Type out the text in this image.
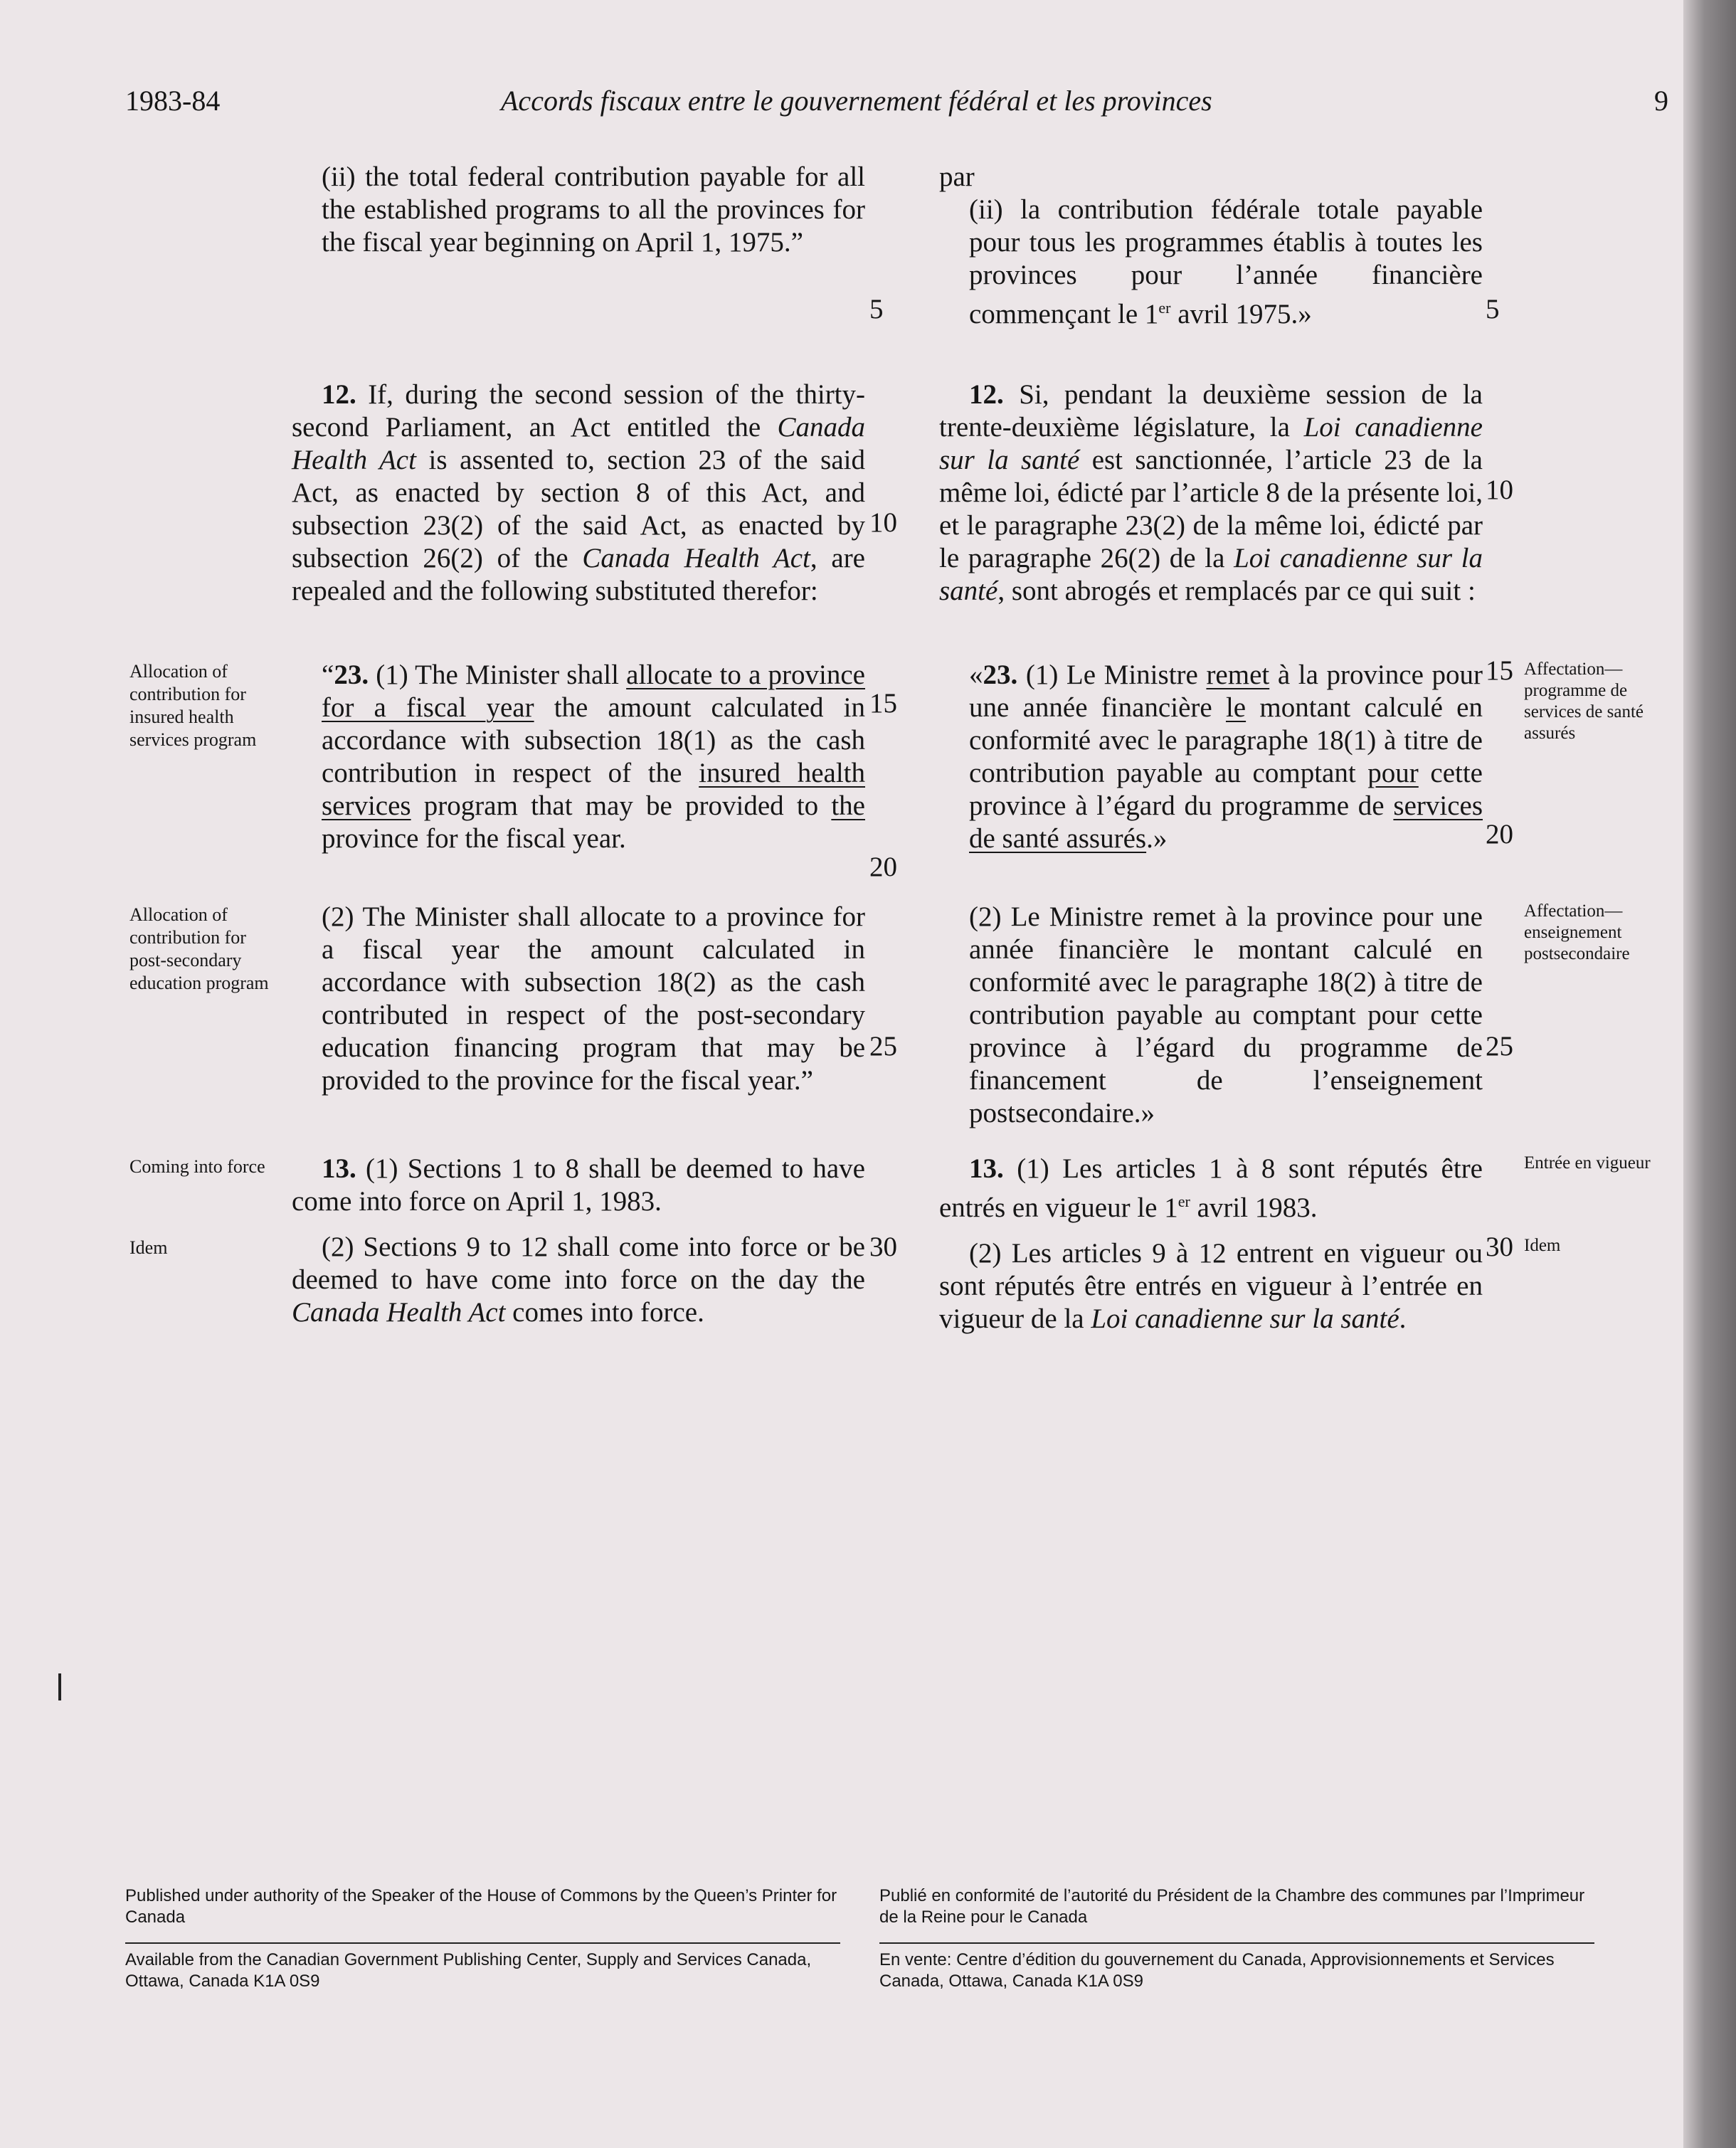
1983-84	Accords fiscaux entre le gouvernement fédéral et les provinces	9

(ii) the total federal contribution payable for all the established programs to all the provinces for the fiscal year beginning on April 1, 1975.”

12. If, during the second session of the thirty-second Parliament, an Act entitled the Canada Health Act is assented to, section 23 of the said Act, as enacted by section 8 of this Act, and subsection 23(2) of the said Act, as enacted by subsection 26(2) of the Canada Health Act, are repealed and the following substituted therefor:

“23. (1) The Minister shall allocate to a province for a fiscal year the amount calculated in accordance with subsection 18(1) as the cash contribution in respect of the insured health services program that may be provided to the province for the fiscal year.

(2) The Minister shall allocate to a province for a fiscal year the amount calculated in accordance with subsection 18(2) as the cash contributed in respect of the post-secondary education financing program that may be provided to the province for the fiscal year.”

13. (1) Sections 1 to 8 shall be deemed to have come into force on April 1, 1983.

(2) Sections 9 to 12 shall come into force or be deemed to have come into force on the day the Canada Health Act comes into force.

par

(ii) la contribution fédérale totale payable pour tous les programmes établis à toutes les provinces pour l’année financière commençant le 1er avril 1975.»

12. Si, pendant la deuxième session de la trente-deuxième législature, la Loi canadienne sur la santé est sanctionnée, l’article 23 de la même loi, édicté par l’article 8 de la présente loi, et le paragraphe 23(2) de la même loi, édicté par le paragraphe 26(2) de la Loi canadienne sur la santé, sont abrogés et remplacés par ce qui suit :

«23. (1) Le Ministre remet à la province pour une année financière le montant calculé en conformité avec le paragraphe 18(1) à titre de contribution payable au comptant pour cette province à l’égard du programme de services de santé assurés.»

(2) Le Ministre remet à la province pour une année financière le montant calculé en conformité avec le paragraphe 18(2) à titre de contribution payable au comptant pour cette province à l’égard du programme de financement de l’enseignement postsecondaire.»

13. (1) Les articles 1 à 8 sont réputés être entrés en vigueur le 1er avril 1983.

(2) Les articles 9 à 12 entrent en vigueur ou sont réputés être entrés en vigueur à l’entrée en vigueur de la Loi canadienne sur la santé.

5
10
15
20
25
30
5
10
15
20
25
30
Allocation of contribution for insured health services program
Allocation of contribution for post-secondary education program
Coming into force
Idem
Affectation— programme de services de santé assurés
Affectation— enseignement postsecondaire
Entrée en vigueur
Idem
Published under authority of the Speaker of the House of Commons by the Queen’s Printer for Canada
Available from the Canadian Government Publishing Center, Supply and Services Canada, Ottawa, Canada K1A 0S9
Publié en conformité de l’autorité du Président de la Chambre des communes par l’Imprimeur de la Reine pour le Canada
En vente: Centre d’édition du gouvernement du Canada, Approvisionnements et Services Canada, Ottawa, Canada K1A 0S9
